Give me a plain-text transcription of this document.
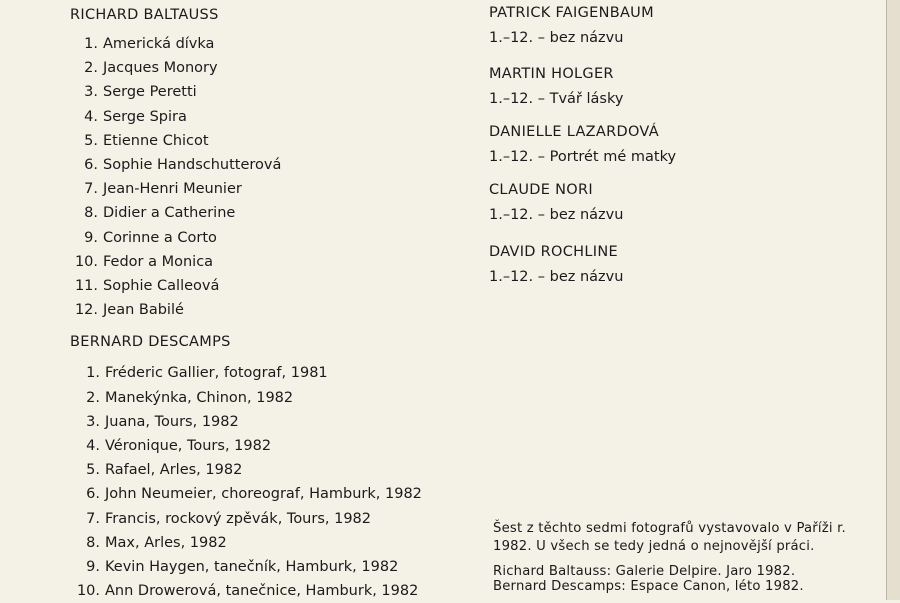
RICHARD BALTAUSS
1. Americká dívka
2. Jacques Monory
3. Serge Peretti
4. Serge Spira
5. Etienne Chicot
6. Sophie Handschutterová
7. Jean-Henri Meunier
8. Didier a Catherine
9. Corinne a Corto
10. Fedor a Monica
11. Sophie Calleová
12. Jean Babilé
BERNARD DESCAMPS
1. Fréderic Gallier, fotograf, 1981
2. Manekýnka, Chinon, 1982
3. Juana, Tours, 1982
4. Véronique, Tours, 1982
5. Rafael, Arles, 1982
6. John Neumeier, choreograf, Hamburk, 1982
7. Francis, rockový zpěvák, Tours, 1982
8. Max, Arles, 1982
9. Kevin Haygen, tanečník, Hamburk, 1982
10. Ann Drowerová, tanečnice, Hamburk, 1982
PATRICK FAIGENBAUM
1.–12. – bez názvu
MARTIN HOLGER
1.–12. – Tvář lásky
DANIELLE LAZARDOVÁ
1.–12. – Portrét mé matky
CLAUDE NORI
1.–12. – bez názvu
DAVID ROCHLINE
1.–12. – bez názvu

Šest z těchto sedmi fotografů vystavovalo v Paříži r. 1982. U všech se tedy jedná o nejnovější práci.

Richard Baltauss: Galerie Delpire. Jaro 1982.
Bernard Descamps: Espace Canon, léto 1982.
